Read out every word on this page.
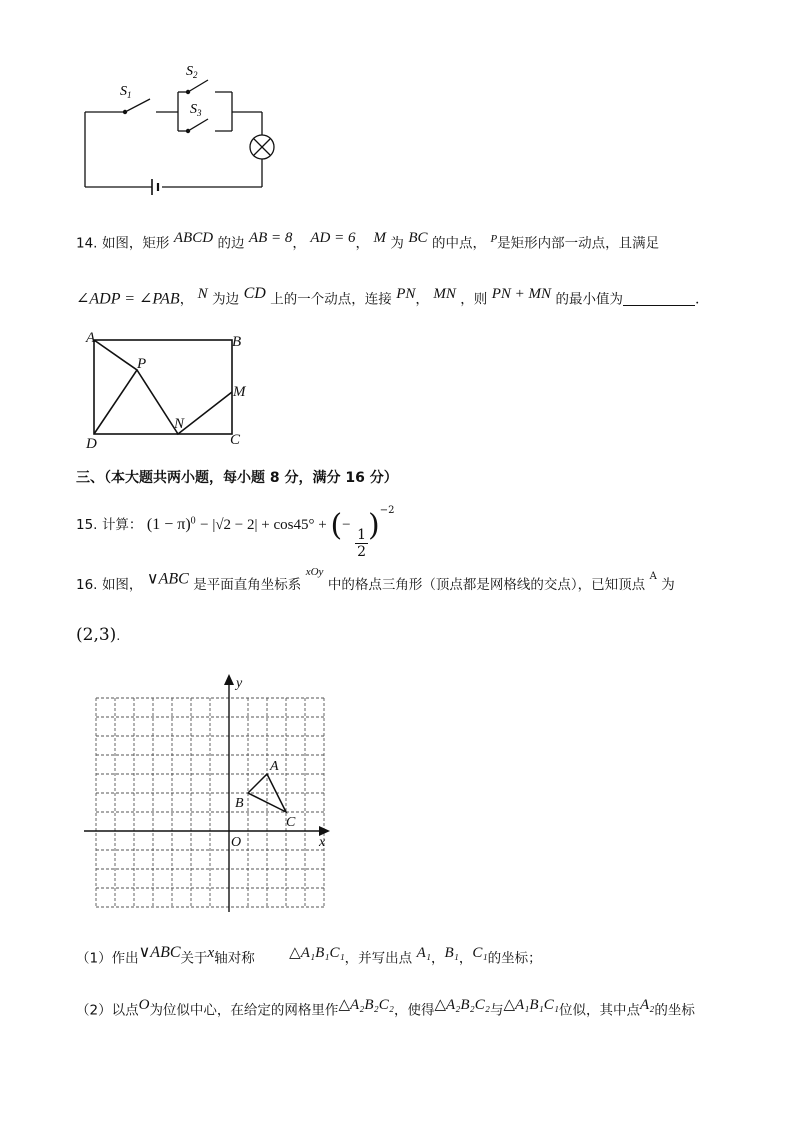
$S_1$
$S_2$
$S_3$
14. 如图，矩形 $^{ABCD}$ 的边 $^{AB = 8}$， $^{AD = 6}$， $^M$ 为 $^{BC}$ 的中点， $^P$是矩形内部一动点，且满足
∠ADP = ∠PAB， $^N$ 为边 $^{CD}$ 上的一个动点，连接 $^{PN}$， $^{MN}$ ，则 $^{PN + MN}$ 的最小值为	.
A	B
C
D
P
N
M
三、（本大题共两小题，每小题 8 分，满分 16 分）
15. 计算： $(1 - \pi)^0 - |√2 - 2| + \cos 45^\circ$ + (−
$\frac{1}{2}$
)$^{-2}$
16. 如图， $^{\vee ABC}$ 是平面直角坐标系 $^{xOy}$ 中的格点三角形（顶点都是网格线的交点），已知顶点 $^A$ 为
(2,3).
x
y
O
A
B
C
（1）作出$^{\vee ABC}$关于$^x$轴对称 $^{\triangle A_1B_1C_1}$，并写出点 $^{A_1}$，$^{B_1}$，$^{C_1}$的坐标；
（2）以点$^O$为位似中心，在给定的网格里作$^{\triangle A_2B_2C_2}$，使得$^{\triangle A_2B_2C_2}$与$^{\triangle A_1B_1C_1}$位似，其中点$^{A_2}$的坐标
